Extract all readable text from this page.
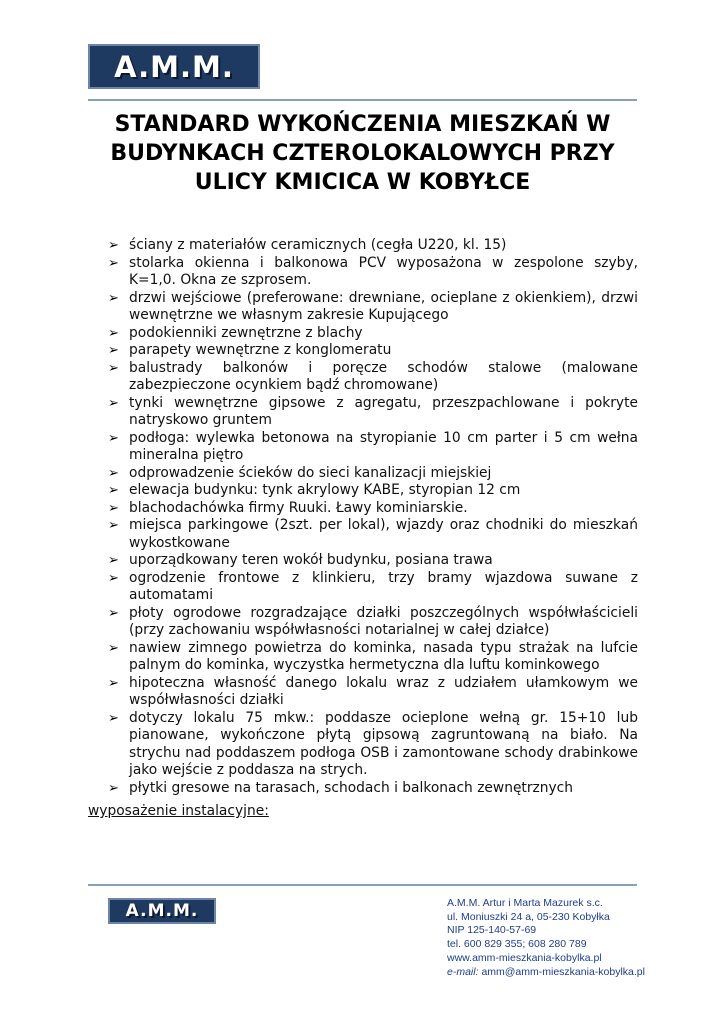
A.M.M.
STANDARD WYKOŃCZENIA MIESZKAŃ W BUDYNKACH CZTEROLOKALOWYCH PRZY ULICY KMICICA W KOBYŁCE
➢ ściany z materiałów ceramicznych (cegła U220, kl. 15)
➢ stolarka okienna i balkonowa PCV wyposażona w zespolone szyby, K=1,0. Okna ze szprosem.
➢ drzwi wejściowe (preferowane: drewniane, ocieplane z okienkiem), drzwi wewnętrzne we własnym zakresie Kupującego
➢ podokienniki zewnętrzne z blachy
➢ parapety wewnętrzne z konglomeratu
➢ balustrady balkonów i poręcze schodów stalowe (malowane zabezpieczone ocynkiem bądź chromowane)
➢ tynki wewnętrzne gipsowe z agregatu, przeszpachlowane i pokryte natryskowo gruntem
➢ podłoga: wylewka betonowa na styropianie 10 cm parter i 5 cm wełna mineralna piętro
➢ odprowadzenie ścieków do sieci kanalizacji miejskiej
➢ elewacja budynku: tynk akrylowy KABE, styropian 12 cm
➢ blachodachówka firmy Ruuki. Ławy kominiarskie.
➢ miejsca parkingowe (2szt. per lokal), wjazdy oraz chodniki do mieszkań wykostkowane
➢ uporządkowany teren wokół budynku, posiana trawa
➢ ogrodzenie frontowe z klinkieru, trzy bramy wjazdowa suwane z automatami
➢ płoty ogrodowe rozgradzające działki poszczególnych współwłaścicieli (przy zachowaniu współwłasności notarialnej w całej działce)
➢ nawiew zimnego powietrza do kominka, nasada typu strażak na lufcie palnym do kominka, wyczystka hermetyczna dla luftu kominkowego
➢ hipoteczna własność danego lokalu wraz z udziałem ułamkowym we współwłasności działki
➢ dotyczy lokalu 75 mkw.: poddasze ocieplone wełną gr. 15+10 lub pianowane, wykończone płytą gipsową zagruntowaną na biało. Na strychu nad poddaszem podłoga OSB i zamontowane schody drabinkowe jako wejście z poddasza na strych.
➢ płytki gresowe na tarasach, schodach i balkonach zewnętrznych

wyposażenie instalacyjne:

A.M.M.	A.M.M. Artur i Marta Mazurek s.c.
ul. Moniuszki 24 a, 05-230 Kobyłka
NIP 125-140-57-69
tel. 600 829 355; 608 280 789
www.amm-mieszkania-kobylka.pl
e-mail: amm@amm-mieszkania-kobylka.pl
